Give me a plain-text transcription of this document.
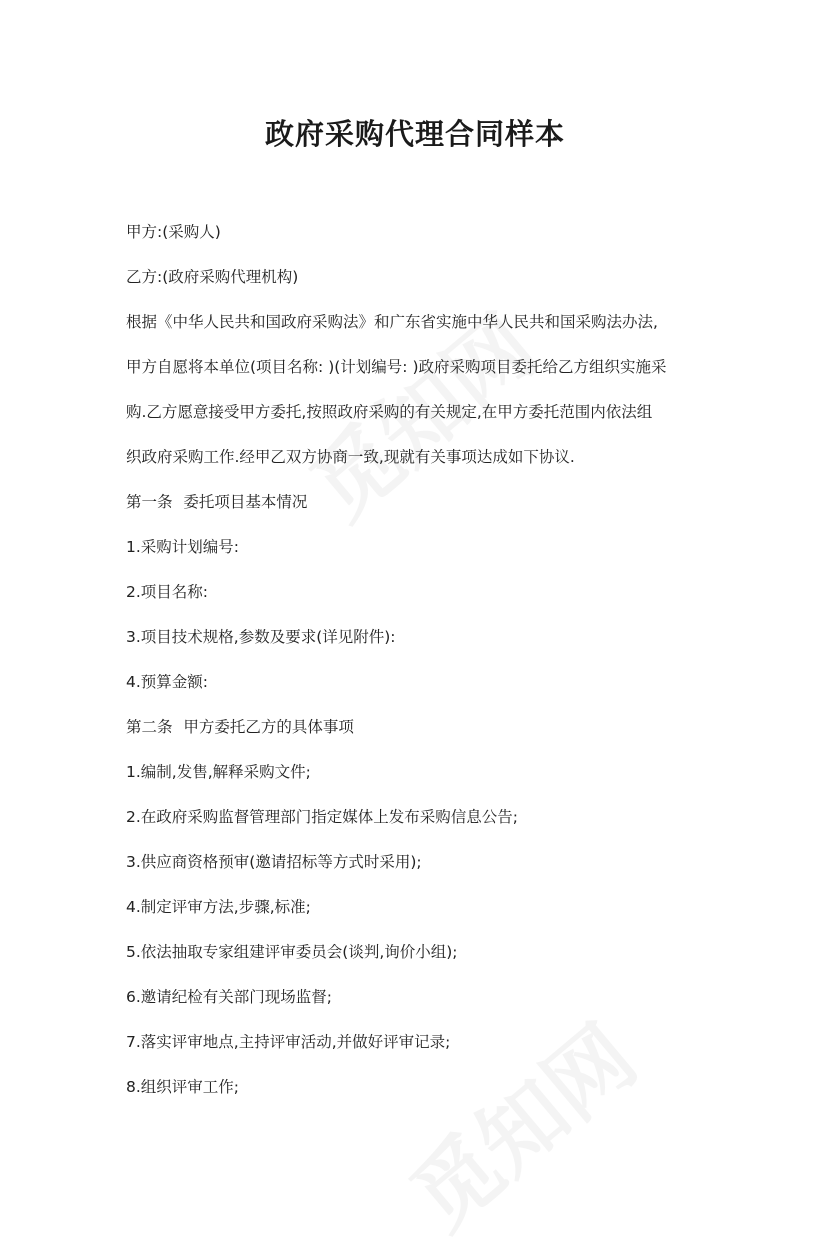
政府采购代理合同样本
甲方:(采购人)
乙方:(政府采购代理机构)
根据《中华人民共和国政府采购法》和广东省实施中华人民共和国采购法办法,
甲方自愿将本单位(项目名称: )(计划编号: )政府采购项目委托给乙方组织实施采
购.乙方愿意接受甲方委托,按照政府采购的有关规定,在甲方委托范围内依法组
织政府采购工作.经甲乙双方协商一致,现就有关事项达成如下协议.
第一条 委托项目基本情况
1.采购计划编号:
2.项目名称:
3.项目技术规格,参数及要求(详见附件):
4.预算金额:
第二条 甲方委托乙方的具体事项
1.编制,发售,解释采购文件;
2.在政府采购监督管理部门指定媒体上发布采购信息公告;
3.供应商资格预审(邀请招标等方式时采用);
4.制定评审方法,步骤,标准;
5.依法抽取专家组建评审委员会(谈判,询价小组);
6.邀请纪检有关部门现场监督;
7.落实评审地点,主持评审活动,并做好评审记录;
8.组织评审工作;
